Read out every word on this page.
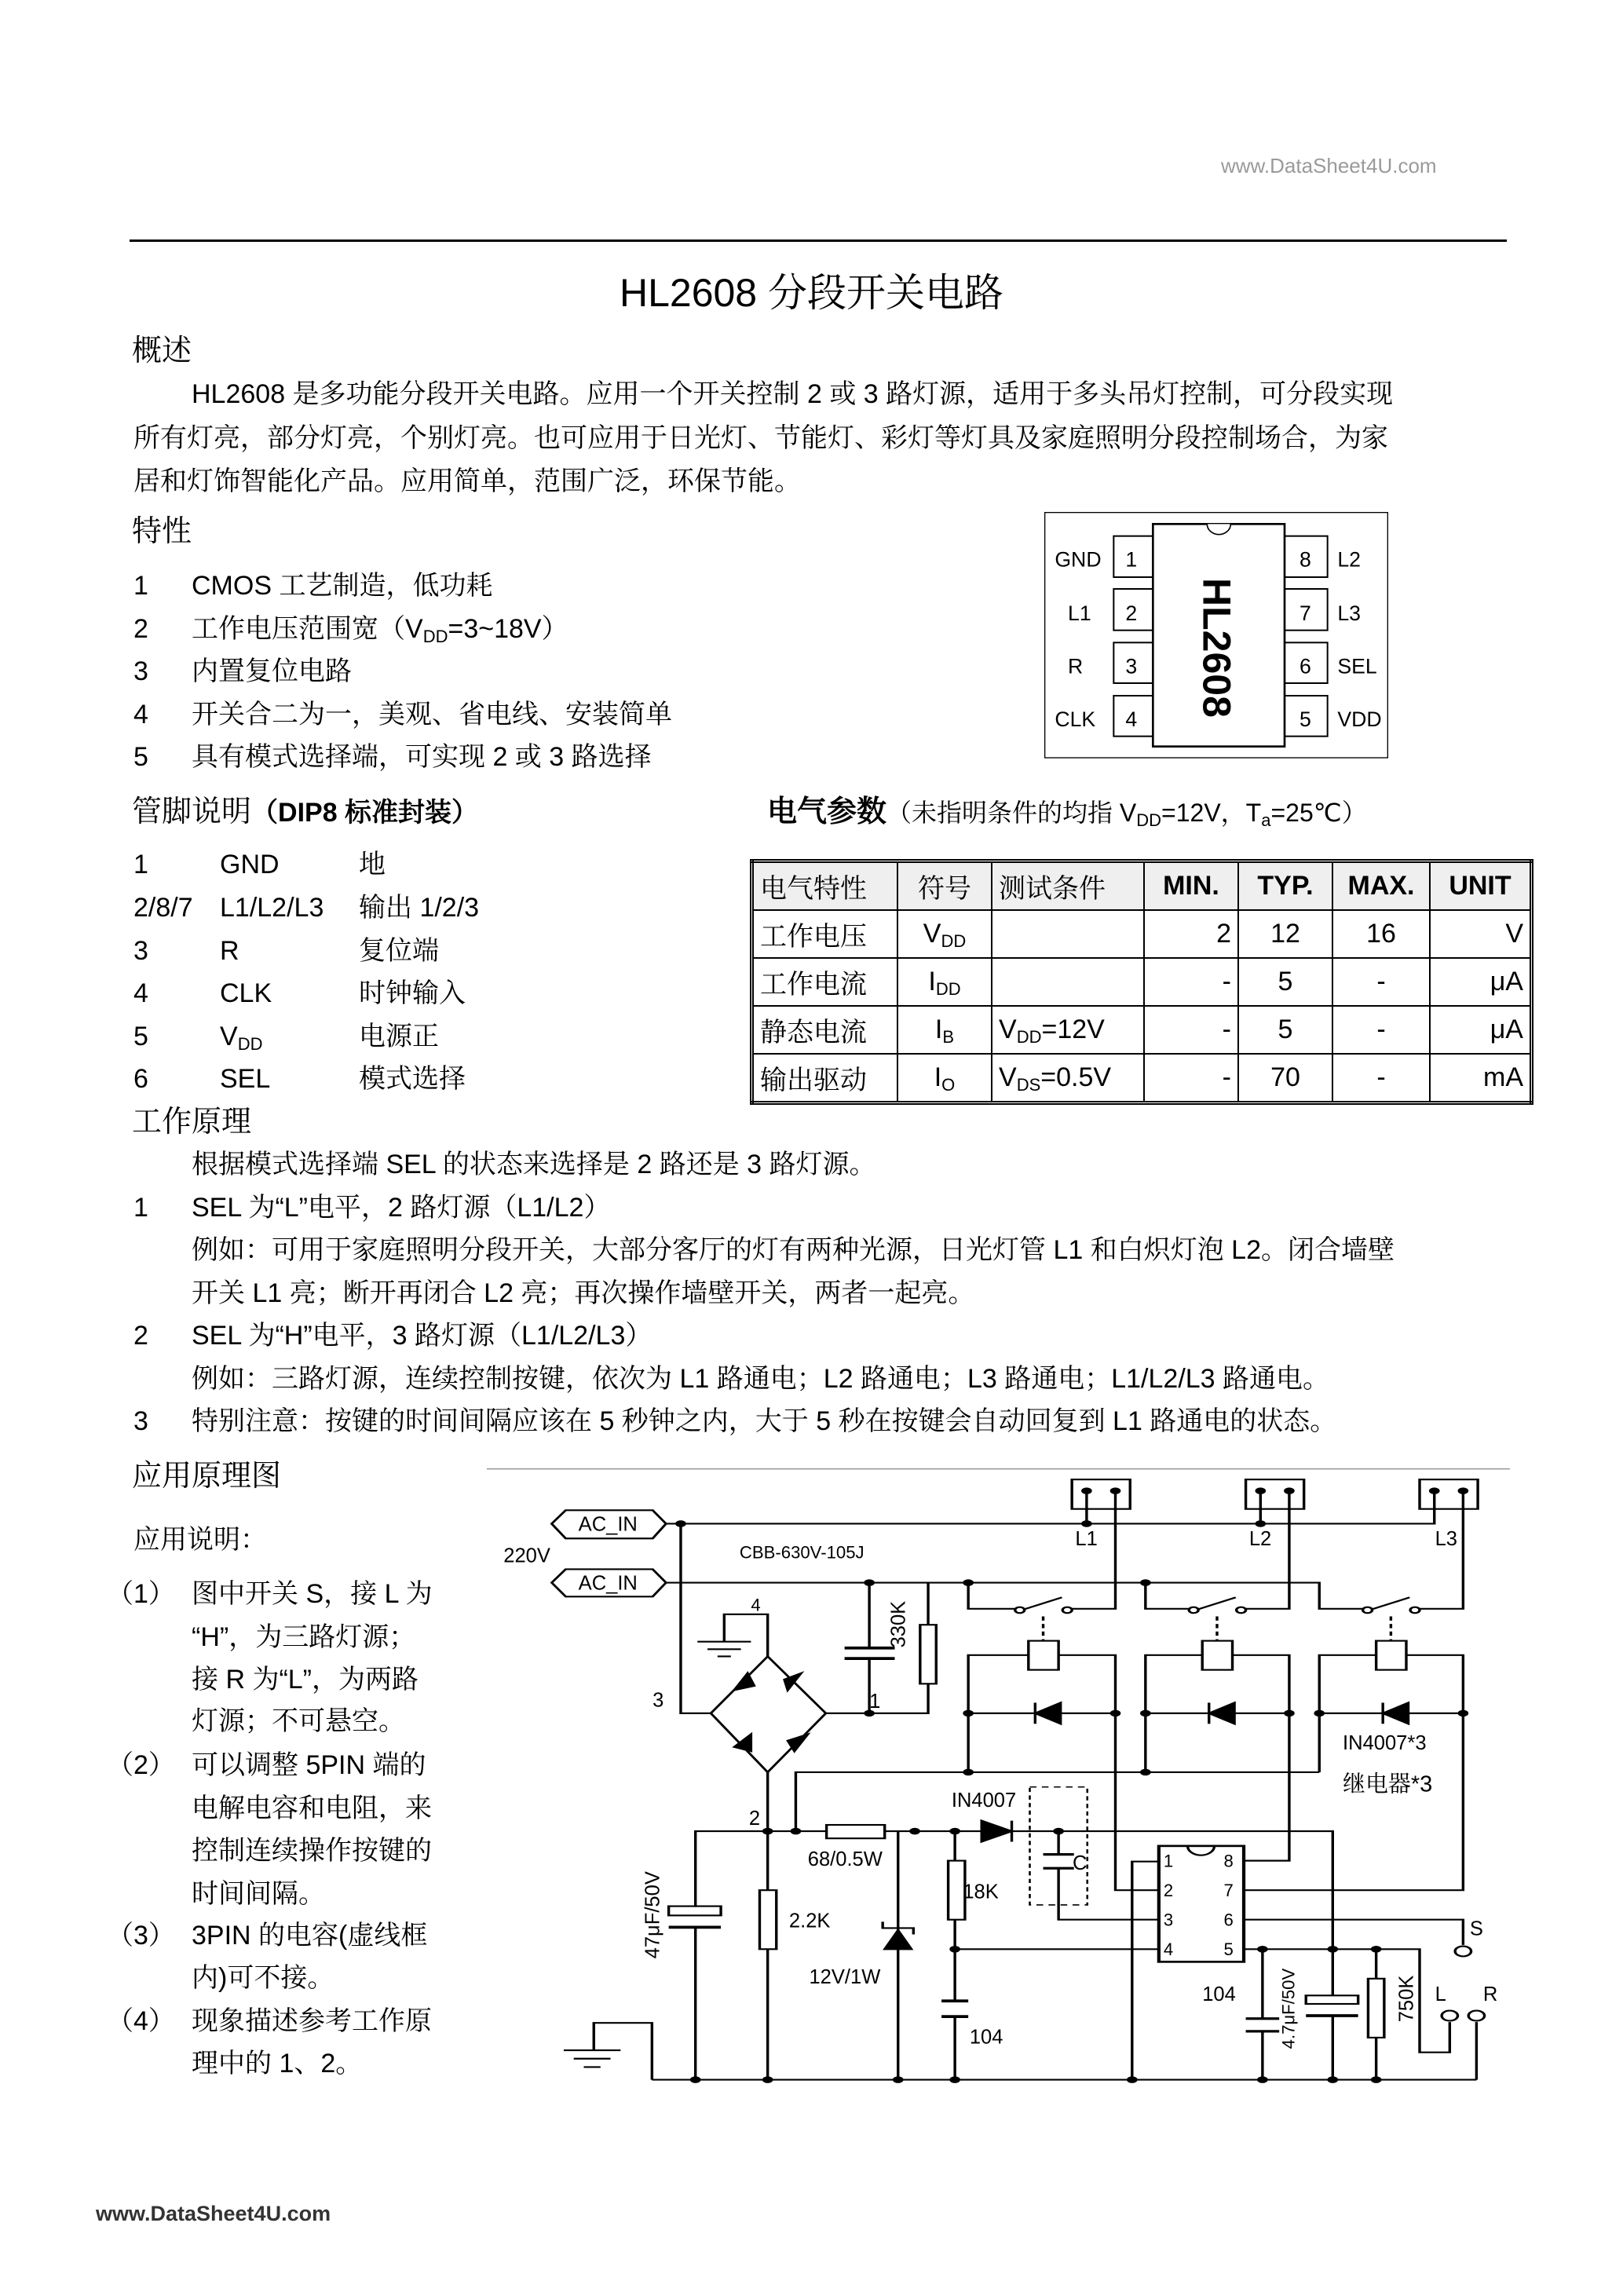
www.DataSheet4U.com
HL2608 分段开关电路
概述
HL2608 是多功能分段开关电路。应用一个开关控制 2 或 3 路灯源，适用于多头吊灯控制，可分段实现
所有灯亮，部分灯亮，个别灯亮。也可应用于日光灯、节能灯、彩灯等灯具及家庭照明分段控制场合，为家
居和灯饰智能化产品。应用简单，范围广泛，环保节能。
特性
1 CMOS 工艺制造，低功耗
2 工作电压范围宽$(V_{DD}=3\sim 18V)$
3 内置复位电路
4 开关合二为一，美观、省电线、安装简单
5 具有模式选择端，可实现 2 或 3 路选择
GND
L1
R
CLK
1
2
3
4
8
7
6
5
L2
L3
SEL
VDD
HL2608
管脚说明（DIP8 标准封装）
1	GND	地
2/8/7 L1/L2/L3 输出 1/2/3
3	R	复位端
4	CLK	时钟输入
5	$V_{DD}$	电源正
6	SEL	模式选择
电气参数（未指明条件的均指 $V_{DD}=12V$，$T_a=25℃$）
电气特性	符号	测试条件	MIN.	TYP.	MAX.	UNIT
工作电压	$V_{DD}$		2	12	16	V
工作电流	$I_{DD}$		-	5	-	μA
静态电流	$I_B$	$V_{DD}=12V$	-	5	-	μA
输出驱动	$I_O$	$V_{DS}=0.5V$	-	70	-	mA
工作原理
根据模式选择端 SEL 的状态来选择是 2 路还是 3 路灯源。
1 SEL 为“L”电平，2 路灯源（L1/L2）
例如：可用于家庭照明分段开关，大部分客厅的灯有两种光源，日光灯管 L1 和白炽灯泡 L2。闭合墙壁
开关 L1 亮；断开再闭合 L2 亮；再次操作墙壁开关，两者一起亮。
2 SEL 为“H”电平，3 路灯源（L1/L2/L3）
例如：三路灯源，连续控制按键，依次为 L1 路通电；L2 路通电；L3 路通电；L1/L2/L3 路通电。
3 特别注意：按键的时间间隔应该在 5 秒钟之内，大于 5 秒在按键会自动回复到 L1 路通电的状态。
应用原理图
应用说明：
（1） 图中开关 S，接 L 为
“H”，为三路灯源；
接 R 为“L”，为两路
灯源；不可悬空。
（2） 可以调整 5PIN 端的
电解电容和电阻，来
控制连续操作按键的
时间间隔。
（3） 3PIN 的电容(虚线框
内)可不接。
（4） 现象描述参考工作原
理中的 1、2。
AC_IN
AC_IN
220V	CBB-630V-105J
L1	L2	L3
330K
4
3	1
2
IN4007*3
继电器*3
IN4007
68/0.5W
47μF/50V	2.2K
12V/1W
18K
104
C	1
2
3
4
8
7
6
5
104 4.7μF/50V	750K
S
L R
www.DataSheet4U.com
